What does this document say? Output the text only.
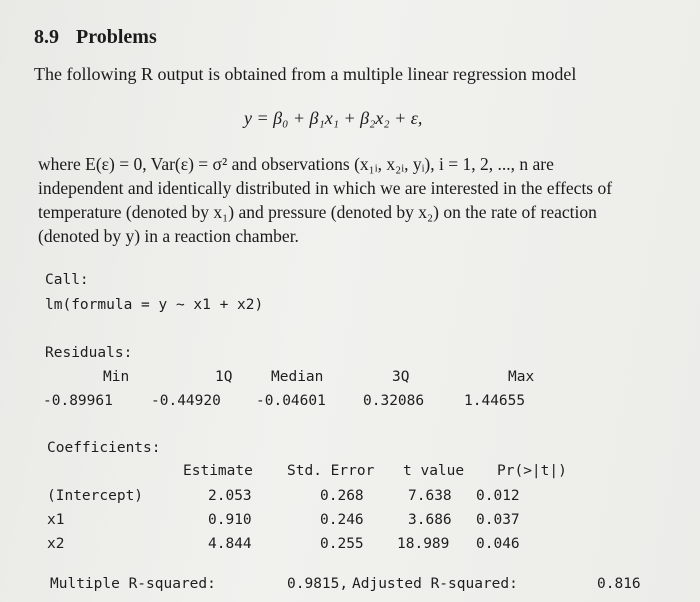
8.9 Problems
The following R output is obtained from a multiple linear regression model
y = β₀ + β₁x₁ + β₂x₂ + ε,
where E(ε) = 0, Var(ε) = σ² and observations (x₁ᵢ, x₂ᵢ, yᵢ), i = 1, 2, ..., n are
independent and identically distributed in which we are interested in the effects of
temperature (denoted by x₁) and pressure (denoted by x₂) on the rate of reaction
(denoted by y) in a reaction chamber.
Call:
lm(formula = y ~ x1 + x2)
Residuals:
Min	1Q	Median	3Q	Max
-0.89961	-0.44920 -0.04601	0.32086	1.44655
Coefficients:
Estimate Std. Error t value Pr(>|t|)
(Intercept)	2.053	0.268	7.638 0.012
x1	0.910	0.246	3.686 0.037
x2	4.844	0.255 18.989 0.046
Multiple R-squared:	0.9815, Adjusted R-squared:	0.816
